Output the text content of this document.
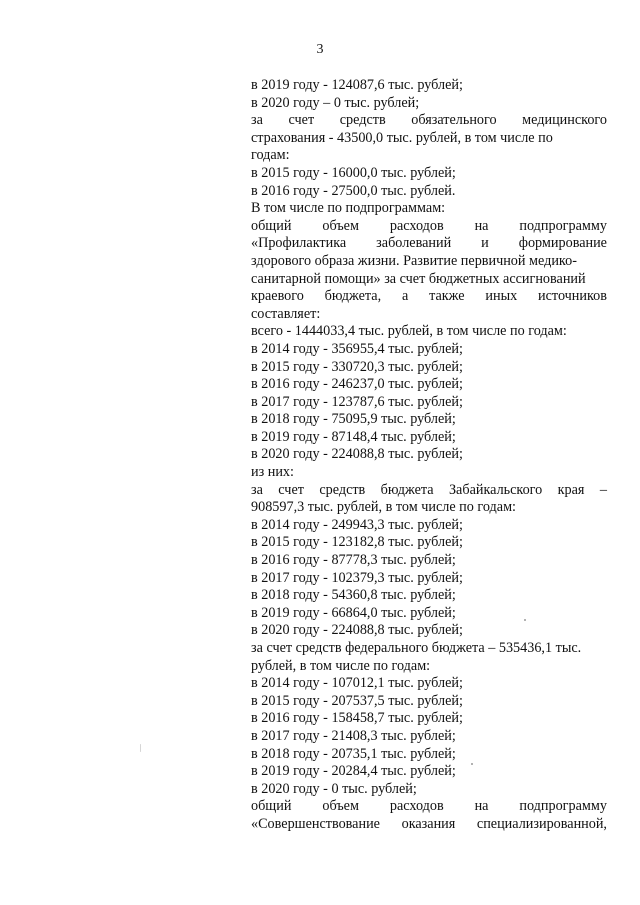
3
в 2019 году - 124087,6 тыс. рублей;
в 2020 году – 0 тыс. рублей;
за счет средств обязательного медицинского
страхования - 43500,0 тыс. рублей, в том числе по
годам:
в 2015 году - 16000,0 тыс. рублей;
в 2016 году - 27500,0 тыс. рублей.
В том числе по подпрограммам:
общий объем расходов на подпрограмму
«Профилактика заболеваний и формирование
здорового образа жизни. Развитие первичной медико-
санитарной помощи» за счет бюджетных ассигнований
краевого бюджета, а также иных источников
составляет:
всего - 1444033,4 тыс. рублей, в том числе по годам:
в 2014 году - 356955,4 тыс. рублей;
в 2015 году - 330720,3 тыс. рублей;
в 2016 году - 246237,0 тыс. рублей;
в 2017 году - 123787,6 тыс. рублей;
в 2018 году - 75095,9 тыс. рублей;
в 2019 году - 87148,4 тыс. рублей;
в 2020 году - 224088,8 тыс. рублей;
из них:
за счет средств бюджета Забайкальского края –
908597,3 тыс. рублей, в том числе по годам:
в 2014 году - 249943,3 тыс. рублей;
в 2015 году - 123182,8 тыс. рублей;
в 2016 году - 87778,3 тыс. рублей;
в 2017 году - 102379,3 тыс. рублей;
в 2018 году - 54360,8 тыс. рублей;
в 2019 году - 66864,0 тыс. рублей;
в 2020 году - 224088,8 тыс. рублей;
за счет средств федерального бюджета – 535436,1 тыс.
рублей, в том числе по годам:
в 2014 году - 107012,1 тыс. рублей;
в 2015 году - 207537,5 тыс. рублей;
в 2016 году - 158458,7 тыс. рублей;
в 2017 году - 21408,3 тыс. рублей;
в 2018 году - 20735,1 тыс. рублей;
в 2019 году - 20284,4 тыс. рублей;
в 2020 году - 0 тыс. рублей;
общий объем расходов на подпрограмму
«Совершенствование оказания специализированной,
